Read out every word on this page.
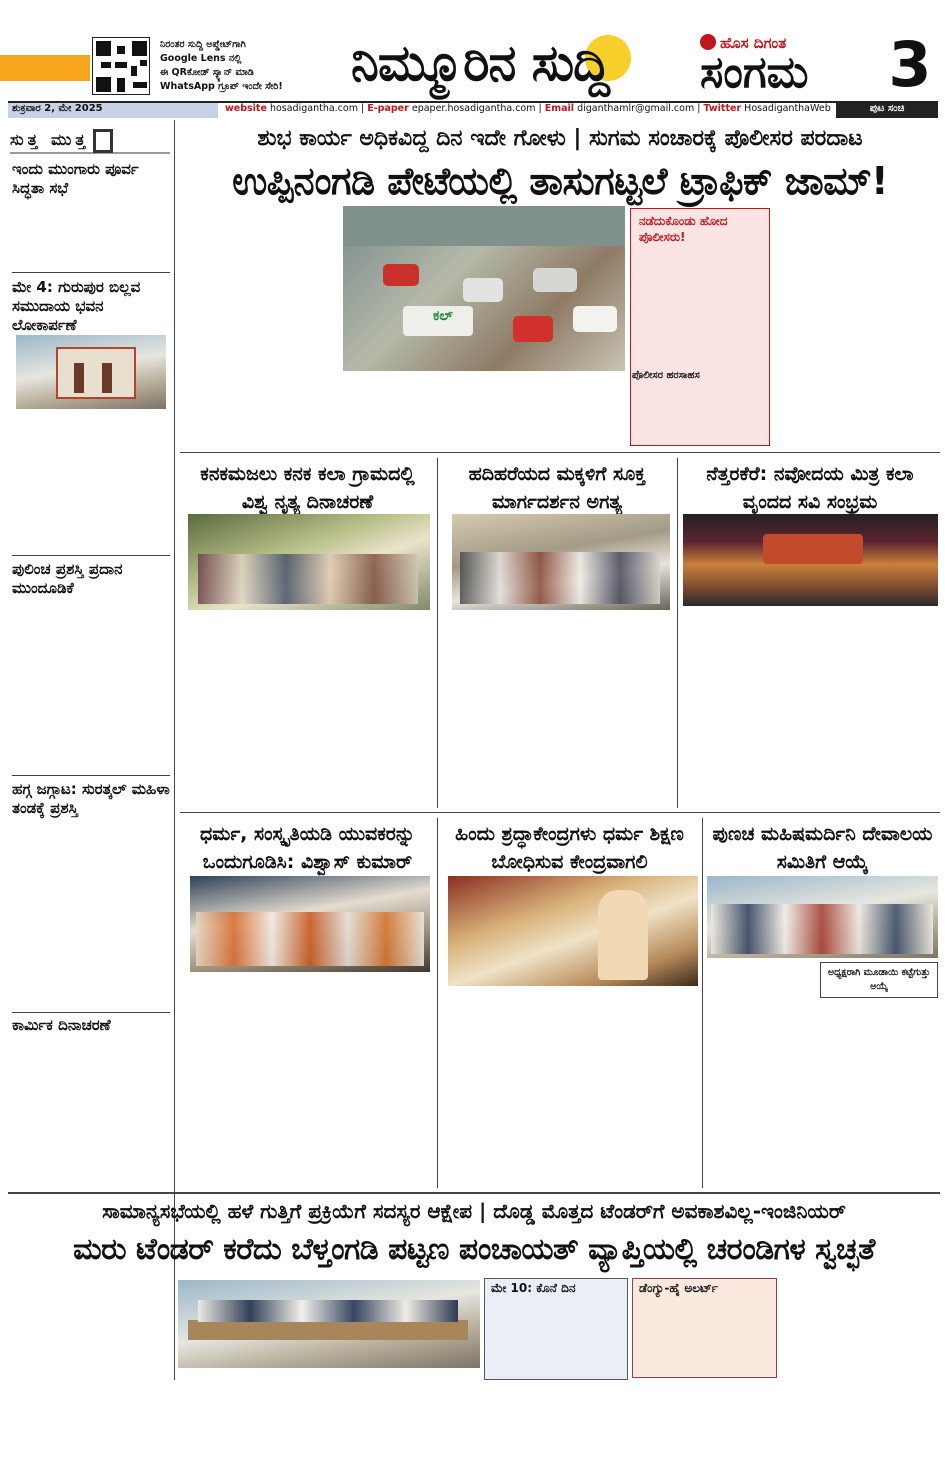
ನಿರಂತರ ಸುದ್ದಿ ಅಪ್ಡೇಟ್‌ಗಾಗಿ
Google Lens ನಲ್ಲಿ
ಈ QRಕೋಡ್ ಸ್ಕ್ಯಾನ್ ಮಾಡಿ
WhatsApp ಗ್ರೂಪ್ ಇಂದೇ ಸೇರಿ!	ನಿಮ್ಮೂರಿನ ಸುದ್ದಿ	ಹೊಸ ದಿಗಂತ
ಸಂಗಮ 3
ಶುಕ್ರವಾರ 2, ಮೇ 2025	website hosadigantha.com | E-paper epaper.hosadigantha.com | Email diganthamlr@gmail.com | Twitter HosadiganthaWeb	ಪುಟ ಸಂಚಿ
ಸುತ್ತ ಮುತ್ತ
ಇಂದು ಮುಂಗಾರು ಪೂರ್ವ ಸಿದ್ಧತಾ ಸಭೆ
ಮೇ 4: ಗುರುಪುರ ಬಿಲ್ಲವ ಸಮುದಾಯ ಭವನ ಲೋಕಾರ್ಪಣೆ
ಪುಲಿಂಚ ಪ್ರಶಸ್ತಿ ಪ್ರದಾನ ಮುಂದೂಡಿಕೆ
ಹಗ್ಗ ಜಗ್ಗಾಟ: ಸುರತ್ಕಲ್ ಮಹಿಳಾ ತಂಡಕ್ಕೆ ಪ್ರಶಸ್ತಿ
ಕಾರ್ಮಿಕ ದಿನಾಚರಣೆ
ಶುಭ ಕಾರ್ಯ ಅಧಿಕವಿದ್ದ ದಿನ ಇದೇ ಗೋಳು | ಸುಗಮ ಸಂಚಾರಕ್ಕೆ ಪೊಲೀಸರ ಪರದಾಟ
ಉಪ್ಪಿನಂಗಡಿ ಪೇಟೆಯಲ್ಲಿ ತಾಸುಗಟ್ಟಲೆ ಟ್ರಾಫಿಕ್ ಜಾಮ್!
ಕಲ್
ನಡೆದುಕೊಂಡು ಹೋದ ಪೊಲೀಸರು!
ಪೊಲೀಸರ ಹರಸಾಹಸ
ಕನಕಮಜಲು ಕನಕ ಕಲಾ ಗ್ರಾಮದಲ್ಲಿ ವಿಶ್ವ ನೃತ್ಯ ದಿನಾಚರಣೆ
ಹದಿಹರೆಯದ ಮಕ್ಕಳಿಗೆ ಸೂಕ್ತ ಮಾರ್ಗದರ್ಶನ ಅಗತ್ಯ
ನೆತ್ತರಕೆರೆ: ನವೋದಯ ಮಿತ್ರ ಕಲಾ ವೃಂದದ ಸವಿ ಸಂಭ್ರಮ
ಧರ್ಮ, ಸಂಸ್ಕೃತಿಯಡಿ ಯುವಕರನ್ನು ಒಂದುಗೂಡಿಸಿ: ವಿಶ್ವಾಸ್ ಕುಮಾರ್
ಹಿಂದು ಶ್ರದ್ಧಾಕೇಂದ್ರಗಳು ಧರ್ಮ ಶಿಕ್ಷಣ ಬೋಧಿಸುವ ಕೇಂದ್ರವಾಗಲಿ
ಪುಣಚ ಮಹಿಷಮರ್ದಿನಿ ದೇವಾಲಯ ಸಮಿತಿಗೆ ಆಯ್ಕೆ
ಅಧ್ಯಕ್ಷರಾಗಿ ಮೂಡಾಯಿ ಕಟ್ಟೆಗುತ್ತು ಅಯ್ಕೆ
ಸಾಮಾನ್ಯಸಭೆಯಲ್ಲಿ ಹಳೆ ಗುತ್ತಿಗೆ ಪ್ರಕ್ರಿಯೆಗೆ ಸದಸ್ಯರ ಆಕ್ಷೇಪ | ದೊಡ್ಡ ಮೊತ್ತದ ಟೆಂಡರ್‌ಗೆ ಅವಕಾಶವಿಲ್ಲ-ಇಂಜಿನಿಯರ್
ಮರು ಟೆಂಡರ್ ಕರೆದು ಬೆಳ್ತಂಗಡಿ ಪಟ್ಟಣ ಪಂಚಾಯತ್ ವ್ಯಾಪ್ತಿಯಲ್ಲಿ ಚರಂಡಿಗಳ ಸ್ವಚ್ಛತೆ
ಮೇ 10: ಕೊನೆ ದಿನ	ಡೆಂಗ್ಯು-ಹೈ ಅಲರ್ಟ್
